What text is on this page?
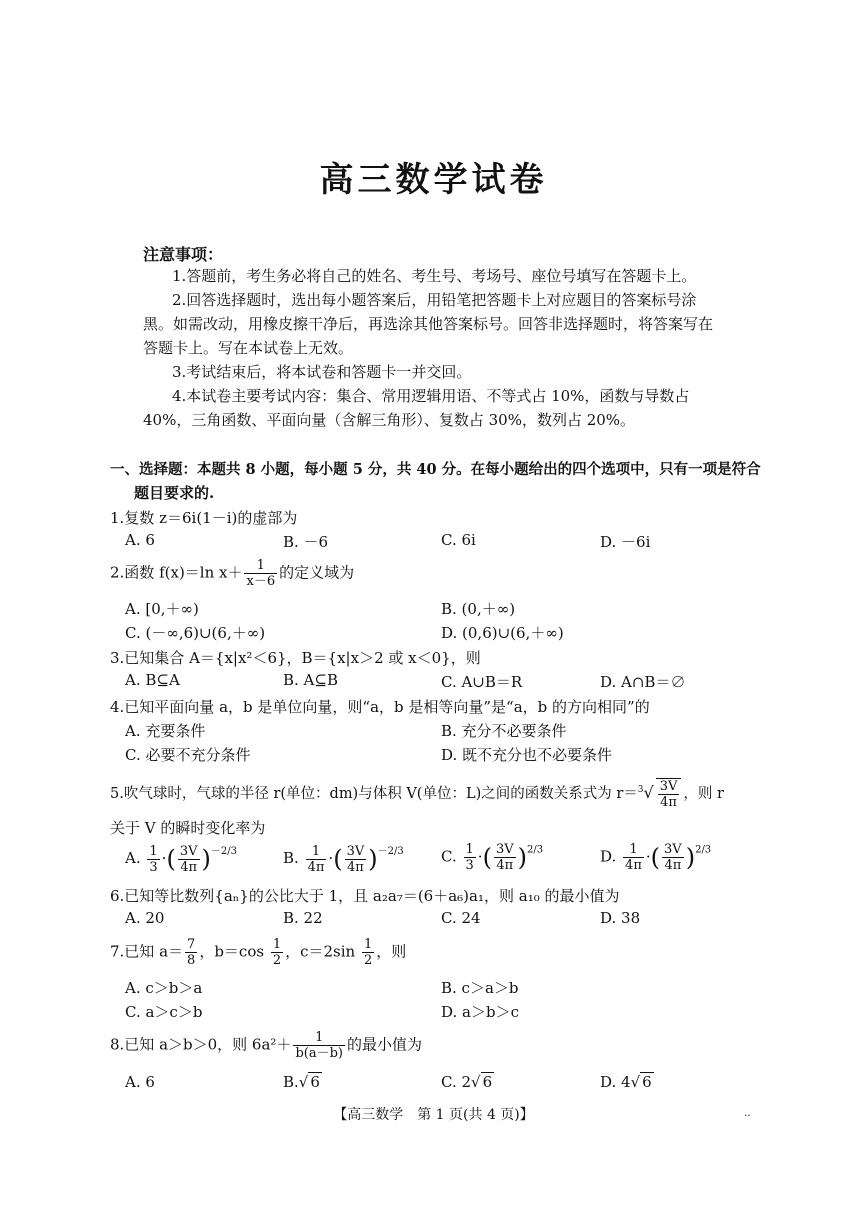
高三数学试卷
注意事项：
1.答题前，考生务必将自己的姓名、考生号、考场号、座位号填写在答题卡上。
2.回答选择题时，选出每小题答案后，用铅笔把答题卡上对应题目的答案标号涂
黑。如需改动，用橡皮擦干净后，再选涂其他答案标号。回答非选择题时，将答案写在
答题卡上。写在本试卷上无效。
3.考试结束后，将本试卷和答题卡一并交回。
4.本试卷主要考试内容：集合、常用逻辑用语、不等式占 10%，函数与导数占
40%，三角函数、平面向量（含解三角形）、复数占 30%，数列占 20%。
一、选择题：本题共 8 小题，每小题 5 分，共 40 分。在每小题给出的四个选项中，只有一项是符合
题目要求的.
1.复数 z＝6i(1－i)的虚部为
A. 6	B. －6	C. 6i	D. －6i
2.函数 f(x)＝ln $x+ \frac{1}{x-6}$ 的定义域为
A. [0,＋∞)	B. (0,＋∞)
C. (－∞,6)∪(6,＋∞)	D. (0,6)∪(6,＋∞)
3.已知集合 A＝{x|x²＜6}，B＝{x|x＞2 或 x＜0}，则
A. B⊆A	B. A⊆B	C. A∪B＝R	D. A∩B＝∅
4.已知平面向量 a，b 是单位向量，则“a，b 是相等向量”是“a，b 的方向相同”的
A. 充要条件	B. 充分不必要条件
C. 必要不充分条件	D. 既不充分也不必要条件
5.吹气球时，气球的半径 r(单位：dm)与体积 V(单位：L)之间的函数关系式为 $r=^3√ \frac{3V}{4\pi}$ ，则 r
关于 V 的瞬时变化率为
A. $\frac{1}{3}$ ·( $\frac{3V}{4\pi} )^{-2/3}$	B. $\frac{1}{4\pi}$ ·( $\frac{3V}{4\pi} )^{-2/3}$ C. $\frac{1}{3}$ ·( $\frac{3V}{4\pi} )^{2/3}$	D. $\frac{1}{4\pi}$ ·( $\frac{3V}{4\pi} )^{2/3}$
6.已知等比数列{aₙ}的公比大于 1，且 a₂a₇＝(6＋a₆)a₁，则 a₁₀ 的最小值为
A. 20	B. 22	C. 24	D. 38
7.已知 $a= \frac{7}{8}$ ，$b=\cos \frac{1}{2}$ ，$c=2\sin \frac{1}{2}$ ，则
A. c＞b＞a	B. c＞a＞b
C. a＞c＞b	D. a＞b＞c
8.已知 a＞b＞0，则 $6a^2+ \frac{1}{b(a-b)}$ 的最小值为
A. 6	B.√ 6	C. 2√ 6	D. 4√ 6
【高三数学　第 1 页(共 4 页)】	‥
